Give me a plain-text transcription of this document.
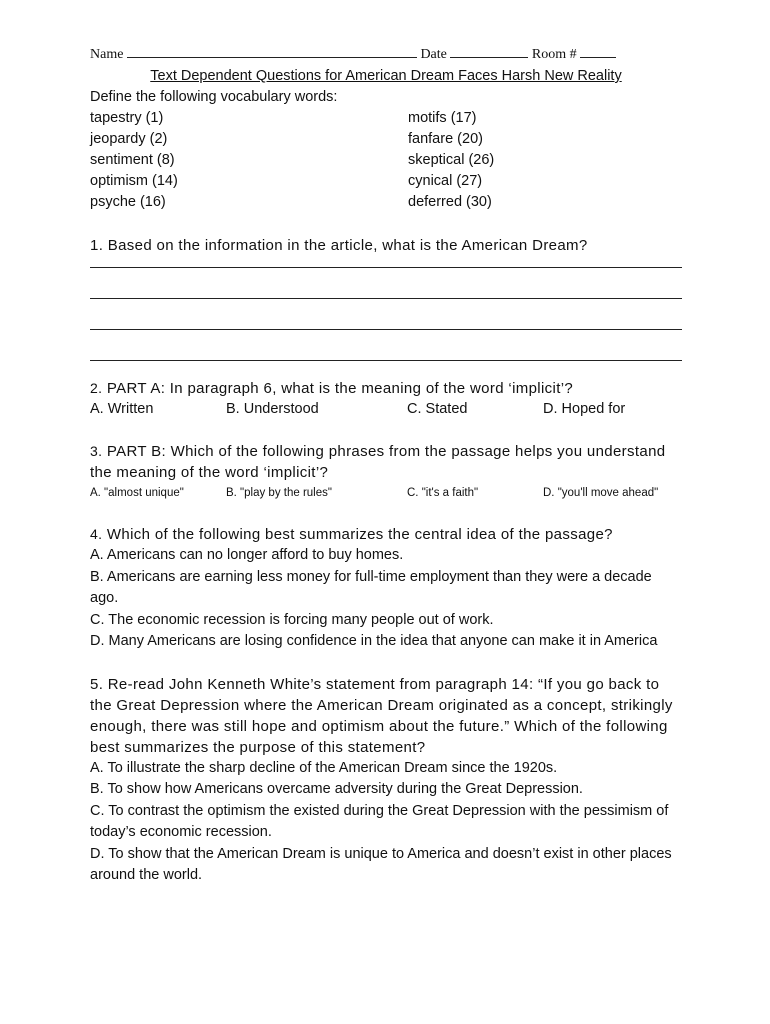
Name	Date	Room #
Text Dependent Questions for American Dream Faces Harsh New Reality
Define the following vocabulary words:
tapestry (1)	motifs (17)
jeopardy (2)	fanfare (20)
sentiment (8)	skeptical (26)
optimism (14)	cynical (27)
psyche (16)	deferred (30)
1. Based on the information in the article, what is the American Dream?
2. PART A: In paragraph 6, what is the meaning of the word ‘implicit’?
A. Written	B. Understood	C. Stated	D. Hoped for
3. PART B: Which of the following phrases from the passage helps you understand the meaning of the word ‘implicit’?
A. "almost unique"	B. "play by the rules"	C. "it's a faith"	D. "you'll move ahead"
4. Which of the following best summarizes the central idea of the passage?
A. Americans can no longer afford to buy homes.
B. Americans are earning less money for full-time employment than they were a decade ago.
C. The economic recession is forcing many people out of work.
D. Many Americans are losing confidence in the idea that anyone can make it in America
5. Re-read John Kenneth White’s statement from paragraph 14: “If you go back to the Great Depression where the American Dream originated as a concept, strikingly enough, there was still hope and optimism about the future.” Which of the following best summarizes the purpose of this statement?
A. To illustrate the sharp decline of the American Dream since the 1920s.
B. To show how Americans overcame adversity during the Great Depression.
C. To contrast the optimism the existed during the Great Depression with the pessimism of today’s economic recession.
D. To show that the American Dream is unique to America and doesn’t exist in other places around the world.
